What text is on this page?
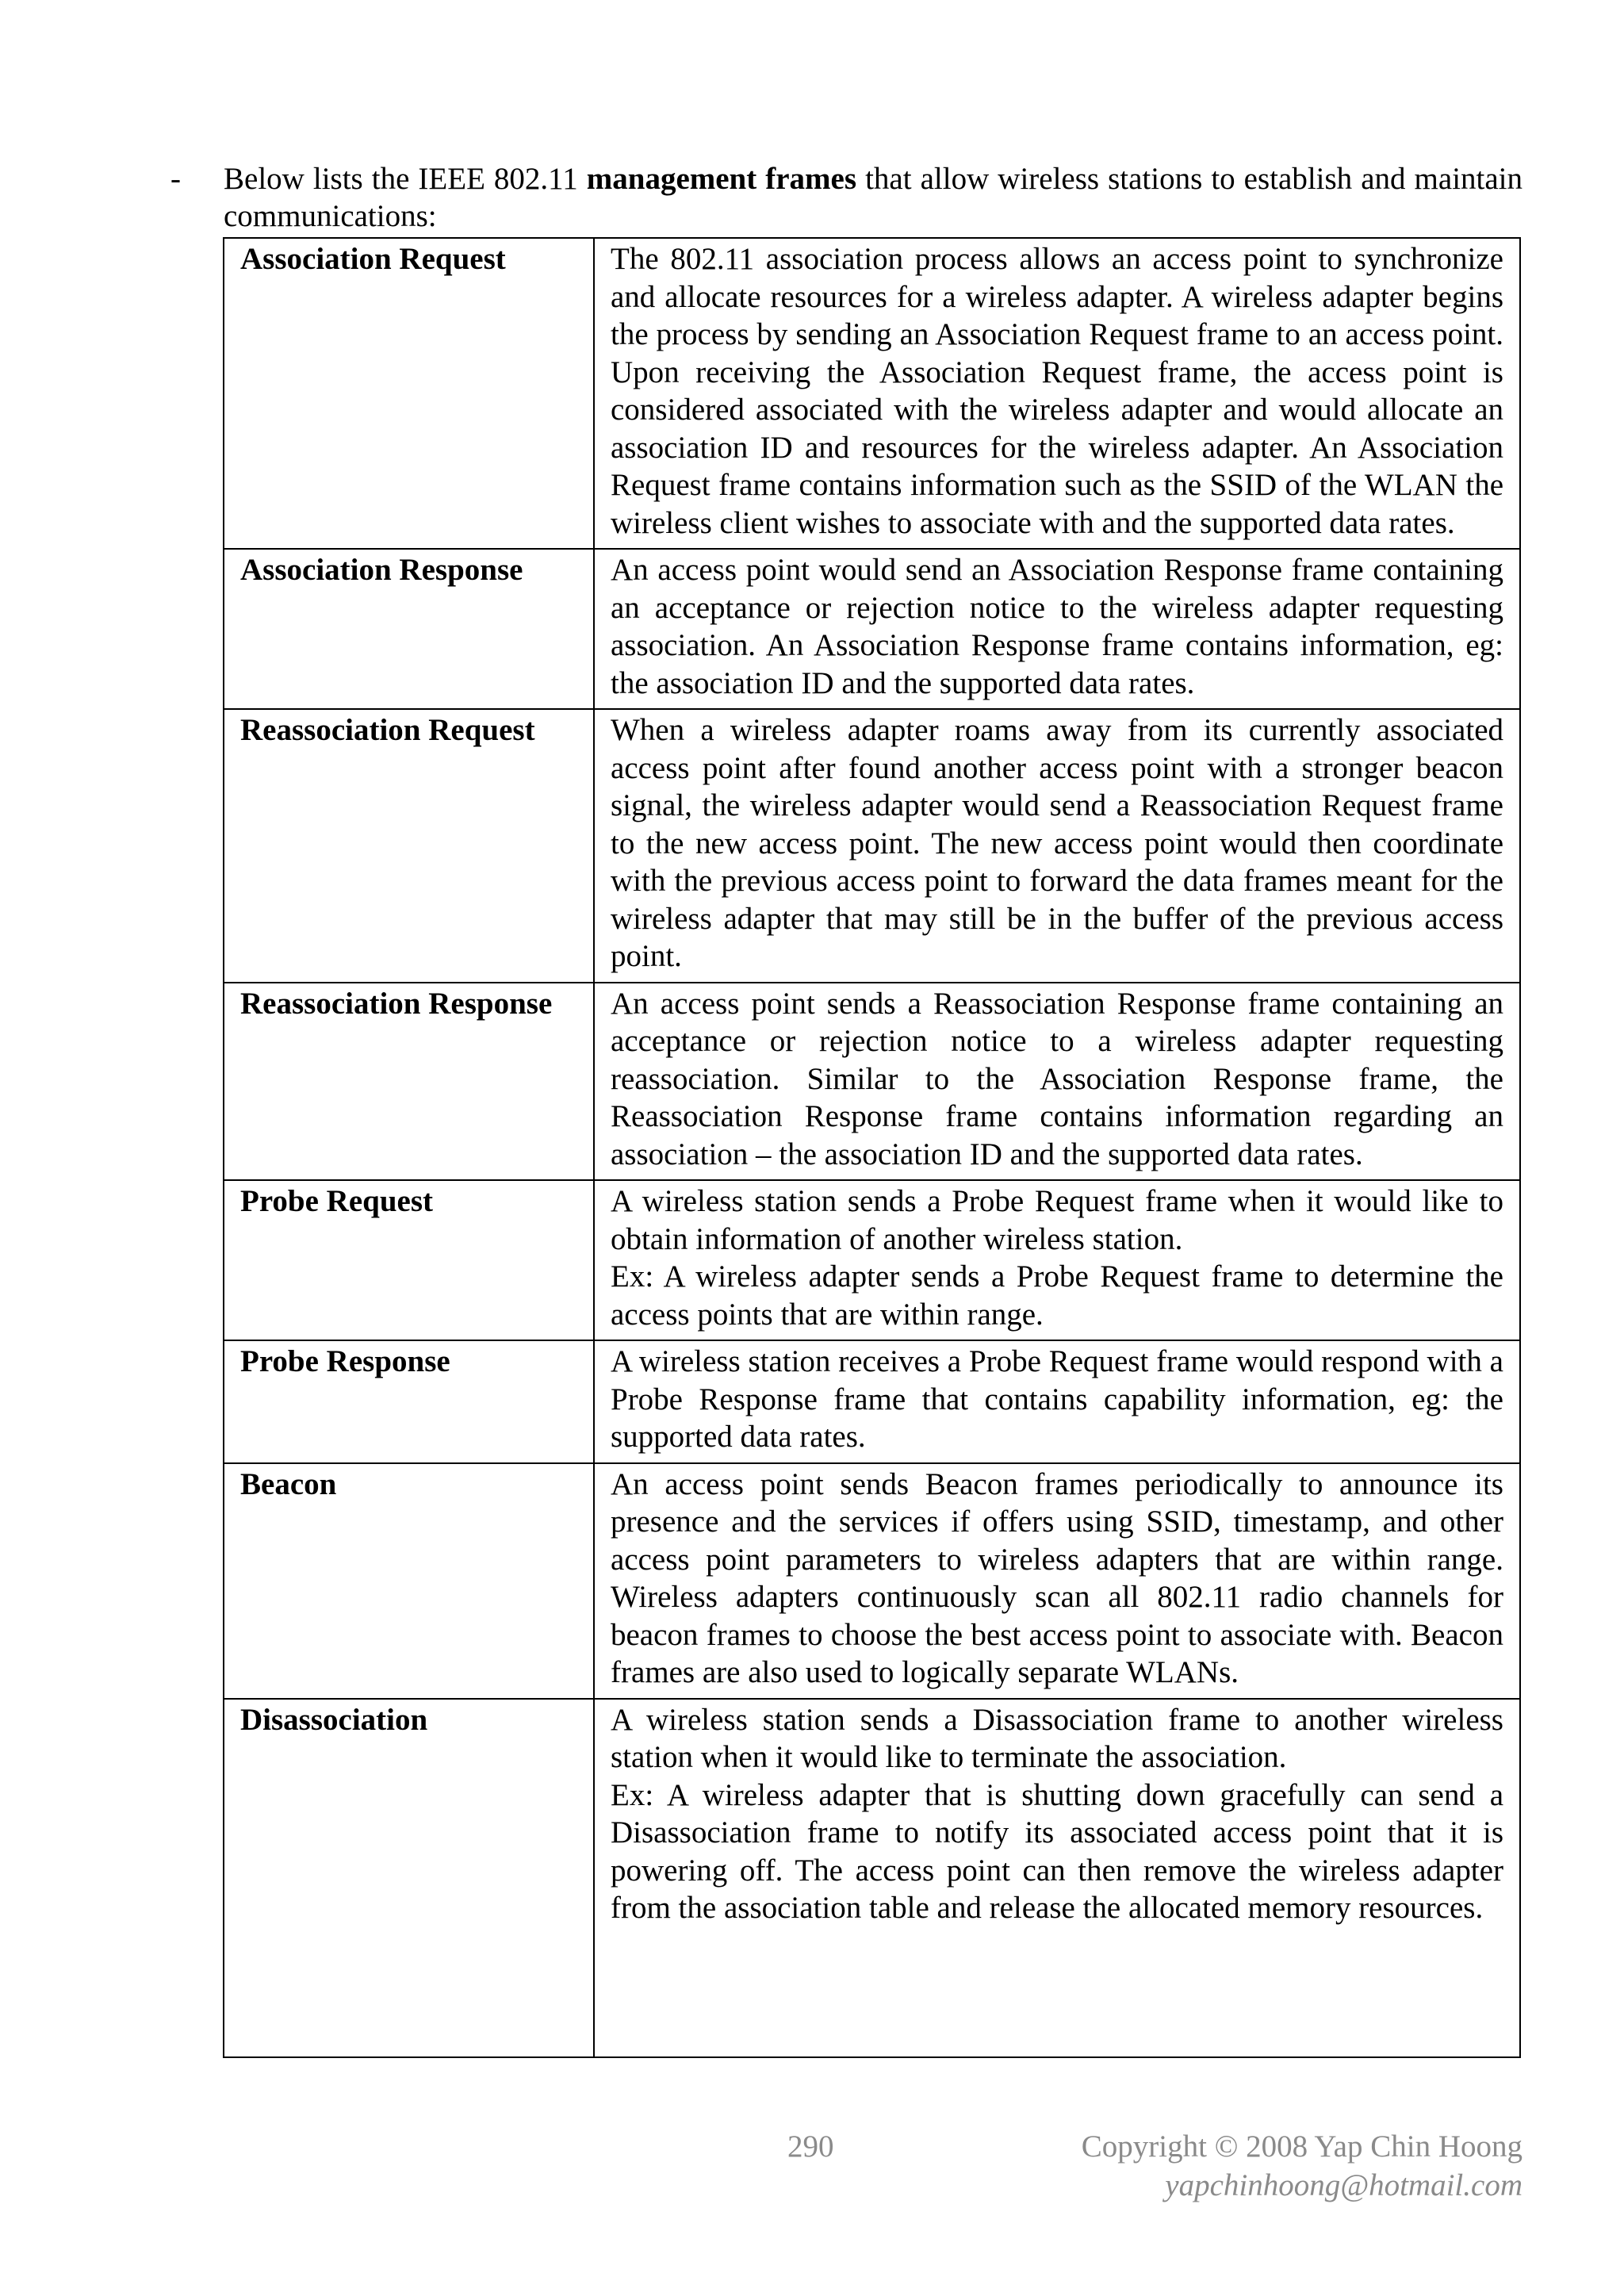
- Below lists the IEEE 802.11 management frames that allow wireless stations to establish and maintain communications:
Association Request	The 802.11 association process allows an access point to synchronize and allocate resources for a wireless adapter. A wireless adapter begins the process by sending an Association Request frame to an access point. Upon receiving the Association Request frame, the access point is considered associated with the wireless adapter and would allocate an association ID and resources for the wireless adapter. An Association Request frame contains information such as the SSID of the WLAN the wireless client wishes to associate with and the supported data rates.

Association Response	An access point would send an Association Response frame containing an acceptance or rejection notice to the wireless adapter requesting association. An Association Response frame contains information, eg: the association ID and the supported data rates.

Reassociation Request	When a wireless adapter roams away from its currently associated access point after found another access point with a stronger beacon signal, the wireless adapter would send a Reassociation Request frame to the new access point. The new access point would then coordinate with the previous access point to forward the data frames meant for the wireless adapter that may still be in the buffer of the previous access point.

Reassociation Response	An access point sends a Reassociation Response frame containing an acceptance or rejection notice to a wireless adapter requesting reassociation. Similar to the Association Response frame, the Reassociation Response frame contains information regarding an association – the association ID and the supported data rates.

Probe Request	A wireless station sends a Probe Request frame when it would like to obtain information of another wireless station.

Ex: A wireless adapter sends a Probe Request frame to determine the access points that are within range.

Probe Response	A wireless station receives a Probe Request frame would respond with a Probe Response frame that contains capability information, eg: the supported data rates.

Beacon	An access point sends Beacon frames periodically to announce its presence and the services if offers using SSID, timestamp, and other access point parameters to wireless adapters that are within range. Wireless adapters continuously scan all 802.11 radio channels for beacon frames to choose the best access point to associate with. Beacon frames are also used to logically separate WLANs.

Disassociation	A wireless station sends a Disassociation frame to another wireless station when it would like to terminate the association.

Ex: A wireless adapter that is shutting down gracefully can send a Disassociation frame to notify its associated access point that it is powering off. The access point can then remove the wireless adapter from the association table and release the allocated memory resources.

290	Copyright © 2008 Yap Chin Hoong
yapchinhoong@hotmail.com
